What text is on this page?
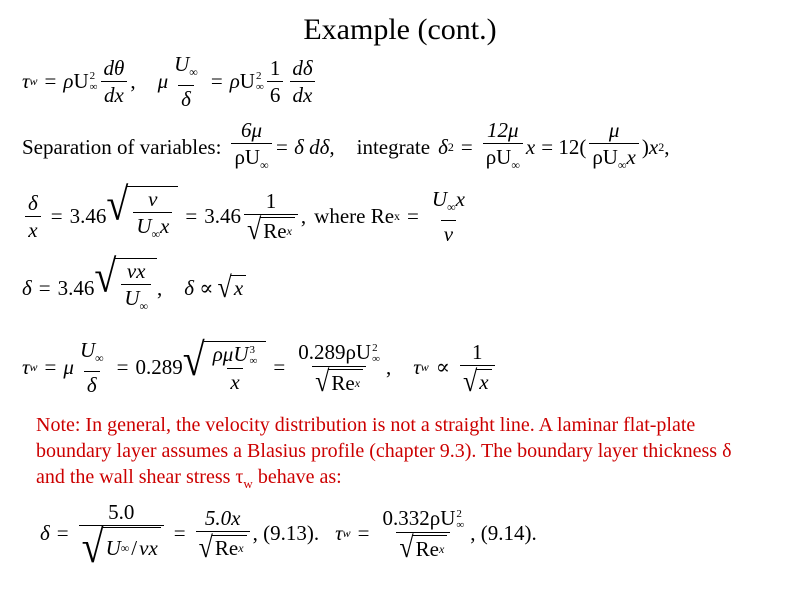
Example (cont.)
τ w = ρ U 2
∞ $\frac{d\theta}{dx}$ , μ $\frac{U_\infty}{\delta} = \rho$ U 2
∞ $\frac{1}{6} \frac{d\delta}{dx}$
Separation of variables: $\frac{6\mu}{\rho U_\infty} = \delta$ dδ, integrate δ $2 = \frac{12\mu}{\rho U_\infty}$ $x = 12( \frac{\mu}{\rho U_\infty x}$ ) x 2 ,
$\frac{\delta}{x} = 3.46$ √ $\frac{\nu}{U_\infty x} = 3.46 \frac{1}{\text{√ Re x}}$ , where Re $x = \frac{U_\infty x}{\nu}$
δ = 3.46 √ $\frac{\nu x}{U_\infty}$ , δ ∝ √ x
τ w = μ $\frac{U_\infty}{\delta} = 0.289$ √ ρμU 3
∞
x = 0.289ρU 2
∞
√ Re x , τ $w \propto \frac{1}{√ x}$
Note: In general, the velocity distribution is not a straight line. A laminar flat-plate boundary layer assumes a Blasius profile (chapter 9.3). The boundary layer thickness δ and the wall shear stress $\tau_w$ behave as:
$\delta = \frac{5.0}{√ U \infty / \nu x} = \frac{5.0x}{\text{√ Re x}}$ , (9.13). τ w = 0.332ρU 2
∞
√ Re x , (9.14).
